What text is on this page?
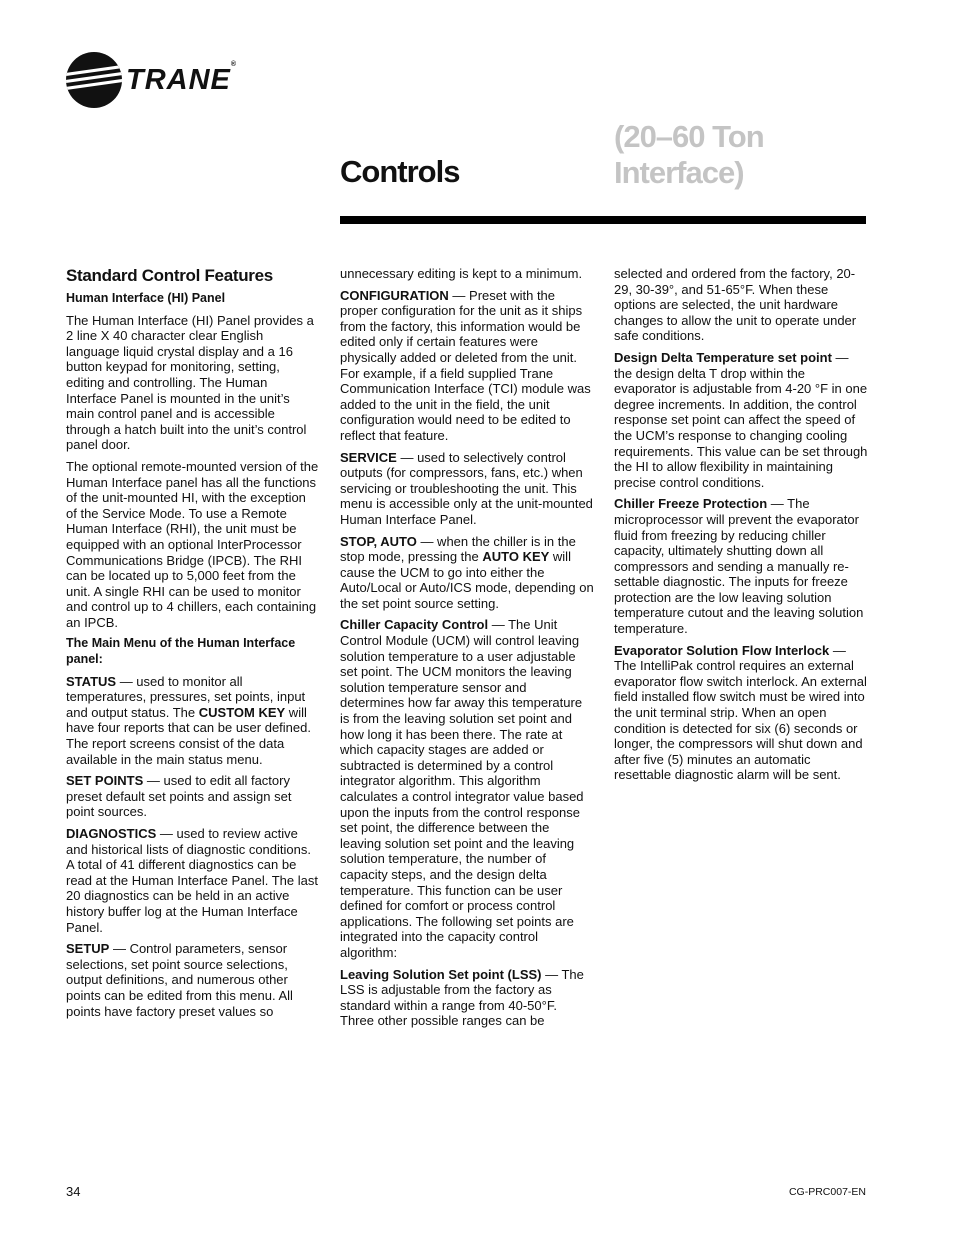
TRANE®
Controls
(20–60 Ton
Interface)
Standard Control Features
Human Interface (HI) Panel

The Human Interface (HI) Panel provides a 2 line X 40 character clear English language liquid crystal display and a 16 button keypad for monitoring, setting, editing and controlling. The Human Interface Panel is mounted in the unit’s main control panel and is accessible through a hatch built into the unit’s control panel door.

The optional remote-mounted version of the Human Interface panel has all the functions of the unit-mounted HI, with the exception of the Service Mode. To use a Remote Human Interface (RHI), the unit must be equipped with an optional InterProcessor Communications Bridge (IPCB). The RHI can be located up to 5,000 feet from the unit. A single RHI can be used to monitor and control up to 4 chillers, each containing an IPCB.

The Main Menu of the Human Interface panel:

STATUS — used to monitor all temperatures, pressures, set points, input and output status. The CUSTOM KEY will have four reports that can be user defined. The report screens consist of the data available in the main status menu.

SET POINTS — used to edit all factory preset default set points and assign set point sources.

DIAGNOSTICS — used to review active and historical lists of diagnostic conditions. A total of 41 different diagnostics can be read at the Human Interface Panel. The last 20 diagnostics can be held in an active history buffer log at the Human Interface Panel.

SETUP — Control parameters, sensor selections, set point source selections, output definitions, and numerous other points can be edited from this menu. All points have factory preset values so

unnecessary editing is kept to a minimum.

CONFIGURATION — Preset with the proper configuration for the unit as it ships from the factory, this information would be edited only if certain features were physically added or deleted from the unit. For example, if a field supplied Trane Communication Interface (TCI) module was added to the unit in the field, the unit configuration would need to be edited to reflect that feature.

SERVICE — used to selectively control outputs (for compressors, fans, etc.) when servicing or troubleshooting the unit. This menu is accessible only at the unit-mounted Human Interface Panel.

STOP, AUTO — when the chiller is in the stop mode, pressing the AUTO KEY will cause the UCM to go into either the Auto/Local or Auto/ICS mode, depending on the set point source setting.

Chiller Capacity Control — The Unit Control Module (UCM) will control leaving solution temperature to a user adjustable set point. The UCM monitors the leaving solution temperature sensor and determines how far away this temperature is from the leaving solution set point and how long it has been there. The rate at which capacity stages are added or subtracted is determined by a control integrator algorithm. This algorithm calculates a control integrator value based upon the inputs from the control response set point, the difference between the leaving solution set point and the leaving solution temperature, the number of capacity steps, and the design delta temperature. This function can be user defined for comfort or process control applications. The following set points are integrated into the capacity control algorithm:

Leaving Solution Set point (LSS) — The LSS is adjustable from the factory as standard within a range from 40-50°F. Three other possible ranges can be

selected and ordered from the factory, 20-29, 30-39°, and 51-65°F. When these options are selected, the unit hardware changes to allow the unit to operate under safe conditions.

Design Delta Temperature set point — the design delta T drop within the evaporator is adjustable from 4-20 °F in one degree increments. In addition, the control response set point can affect the speed of the UCM’s response to changing cooling requirements. This value can be set through the HI to allow flexibility in maintaining precise control conditions.

Chiller Freeze Protection — The microprocessor will prevent the evaporator fluid from freezing by reducing chiller capacity, ultimately shutting down all compressors and sending a manually re-settable diagnostic. The inputs for freeze protection are the low leaving solution temperature cutout and the leaving solution temperature.

Evaporator Solution Flow Interlock — The IntelliPak control requires an external evaporator flow switch interlock. An external field installed flow switch must be wired into the unit terminal strip. When an open condition is detected for six (6) seconds or longer, the compressors will shut down and after five (5) minutes an automatic resettable diagnostic alarm will be sent.

34	CG-PRC007-EN
